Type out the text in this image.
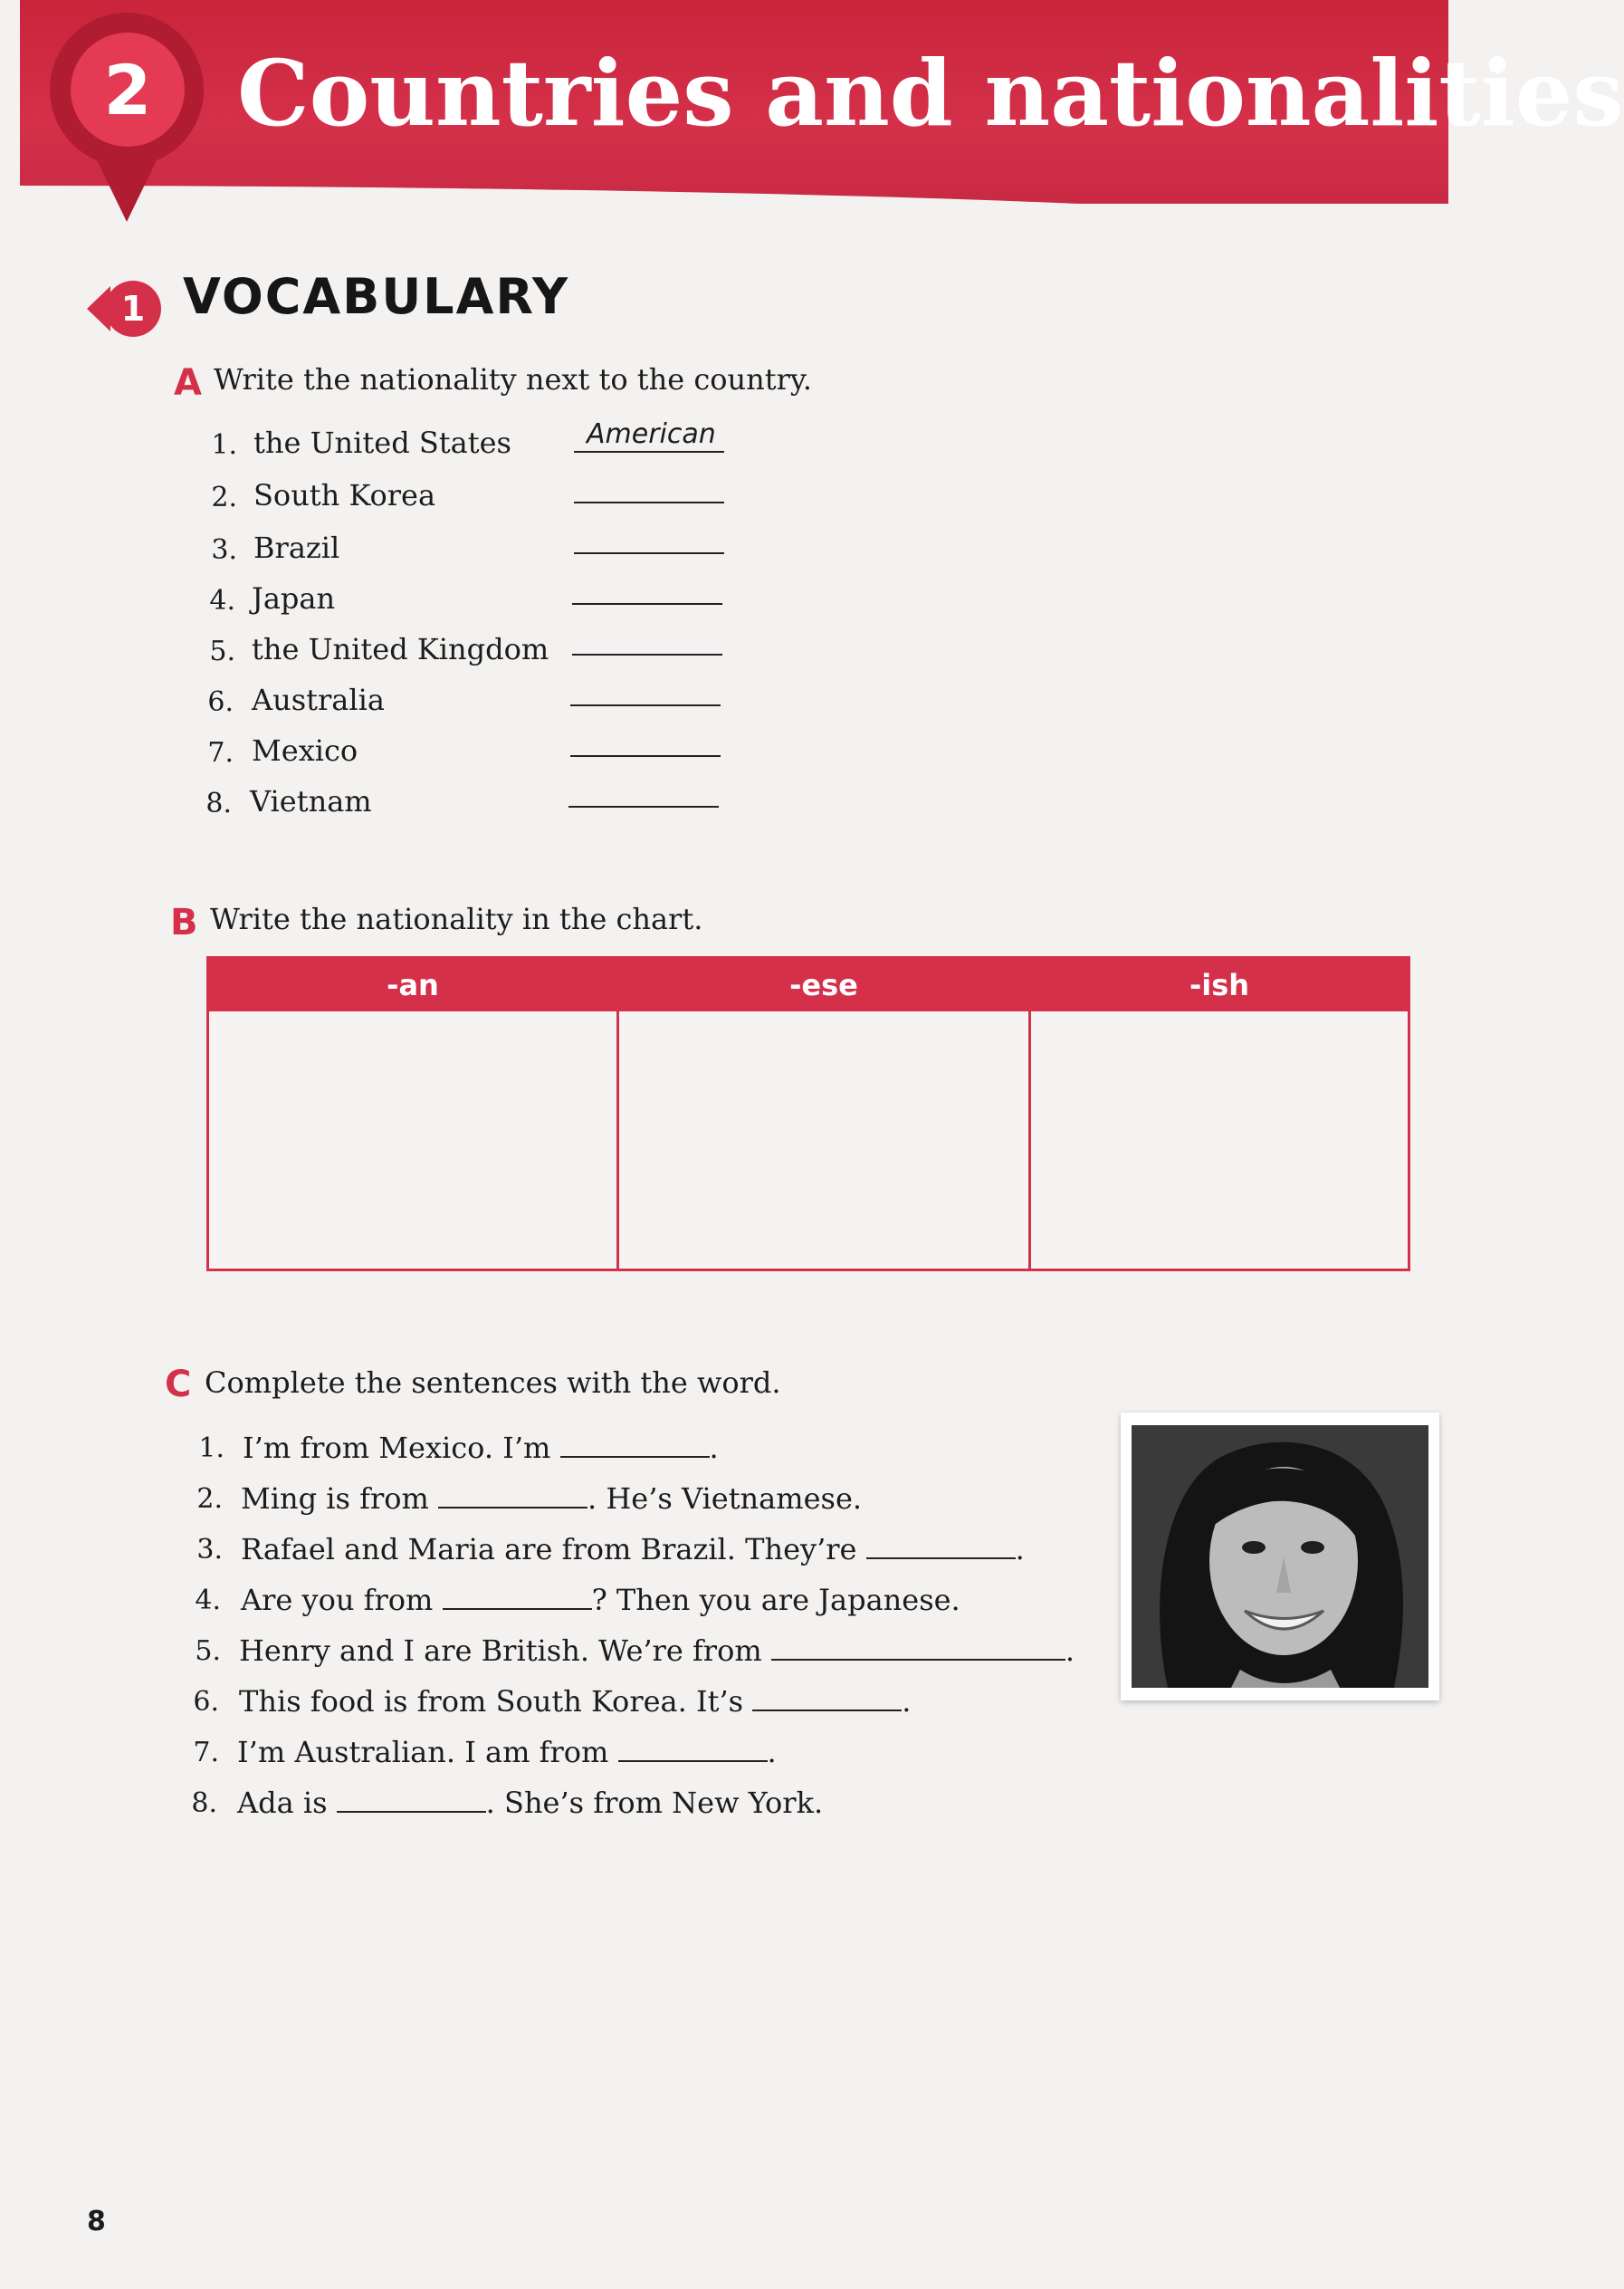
2 Countries and nationalities
1 VOCABULARY
A Write the nationality next to the country.
1. the United States	American
2. South Korea
3. Brazil
4. Japan
5. the United Kingdom
6. Australia
7. Mexico
8. Vietnam
B Write the nationality in the chart.
-an	-ese	-ish
C Complete the sentences with the word.
1. I’m from Mexico. I’m	.
2. Ming is from	. He’s Vietnamese.
3. Rafael and Maria are from Brazil. They’re	.
4. Are you from	? Then you are Japanese.
5. Henry and I are British. We’re from	.
6. This food is from South Korea. It’s	.
7. I’m Australian. I am from	.
8. Ada is	. She’s from New York.
8
